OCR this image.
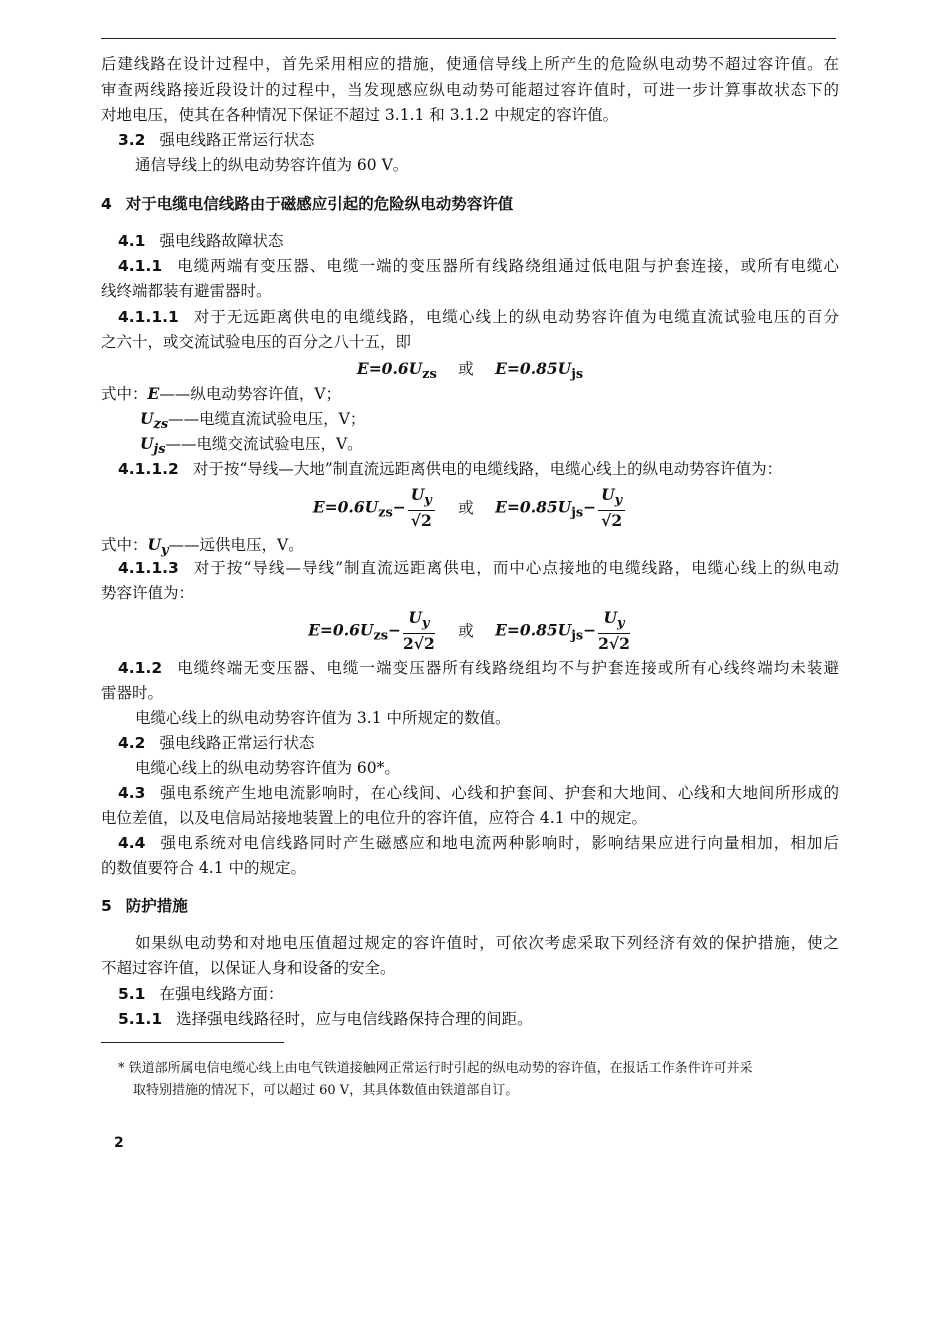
后建线路在设计过程中，首先采用相应的措施，使通信导线上所产生的危险纵电动势不超过容许值。在
审查两线路接近段设计的过程中，当发现感应纵电动势可能超过容许值时，可进一步计算事故状态下的
对地电压，使其在各种情况下保证不超过 3.1.1 和 3.1.2 中规定的容许值。
3.2 强电线路正常运行状态
通信导线上的纵电动势容许值为 60 V。
4 对于电缆电信线路由于磁感应引起的危险纵电动势容许值
4.1 强电线路故障状态
4.1.1 电缆两端有变压器、电缆一端的变压器所有线路绕组通过低电阻与护套连接，或所有电缆心
线终端都装有避雷器时。
4.1.1.1 对于无远距离供电的电缆线路，电缆心线上的纵电动势容许值为电缆直流试验电压的百分
之六十，或交流试验电压的百分之八十五，即
$E=0.6U_{zs}$ 或 $E=0.85U_{js}$
式中：E——纵电动势容许值，V；
$U_{zs}——$电缆直流试验电压，V；
$U_{js}——$电缆交流试验电压，V。
4.1.1.2 对于按“导线—大地”制直流远距离供电的电缆线路，电缆心线上的纵电动势容许值为：
$E=0.6U_{zs}- \frac{U_y}{√2}$ 或 $E=0.85U_{js}- \frac{U_y}{√2}$
式中：$U_y——$远供电压，V。
4.1.1.3 对于按“导线—导线”制直流远距离供电，而中心点接地的电缆线路，电缆心线上的纵电动
势容许值为：
$E=0.6U_{zs}- \frac{U_y}{2√2}$ 或 $E=0.85U_{js}- \frac{U_y}{2√2}$
4.1.2 电缆终端无变压器、电缆一端变压器所有线路绕组均不与护套连接或所有心线终端均未装避
雷器时。
电缆心线上的纵电动势容许值为 3.1 中所规定的数值。
4.2 强电线路正常运行状态
电缆心线上的纵电动势容许值为 60*。
4.3 强电系统产生地电流影响时，在心线间、心线和护套间、护套和大地间、心线和大地间所形成的
电位差值，以及电信局站接地装置上的电位升的容许值，应符合 4.1 中的规定。
4.4 强电系统对电信线路同时产生磁感应和地电流两种影响时，影响结果应进行向量相加，相加后
的数值要符合 4.1 中的规定。
5 防护措施
如果纵电动势和对地电压值超过规定的容许值时，可依次考虑采取下列经济有效的保护措施，使之
不超过容许值，以保证人身和设备的安全。
5.1 在强电线路方面：
5.1.1 选择强电线路径时，应与电信线路保持合理的间距。
* 铁道部所属电信电缆心线上由电气铁道接触网正常运行时引起的纵电动势的容许值，在报话工作条件许可并采
取特别措施的情况下，可以超过 60 V，其具体数值由铁道部自订。
2
